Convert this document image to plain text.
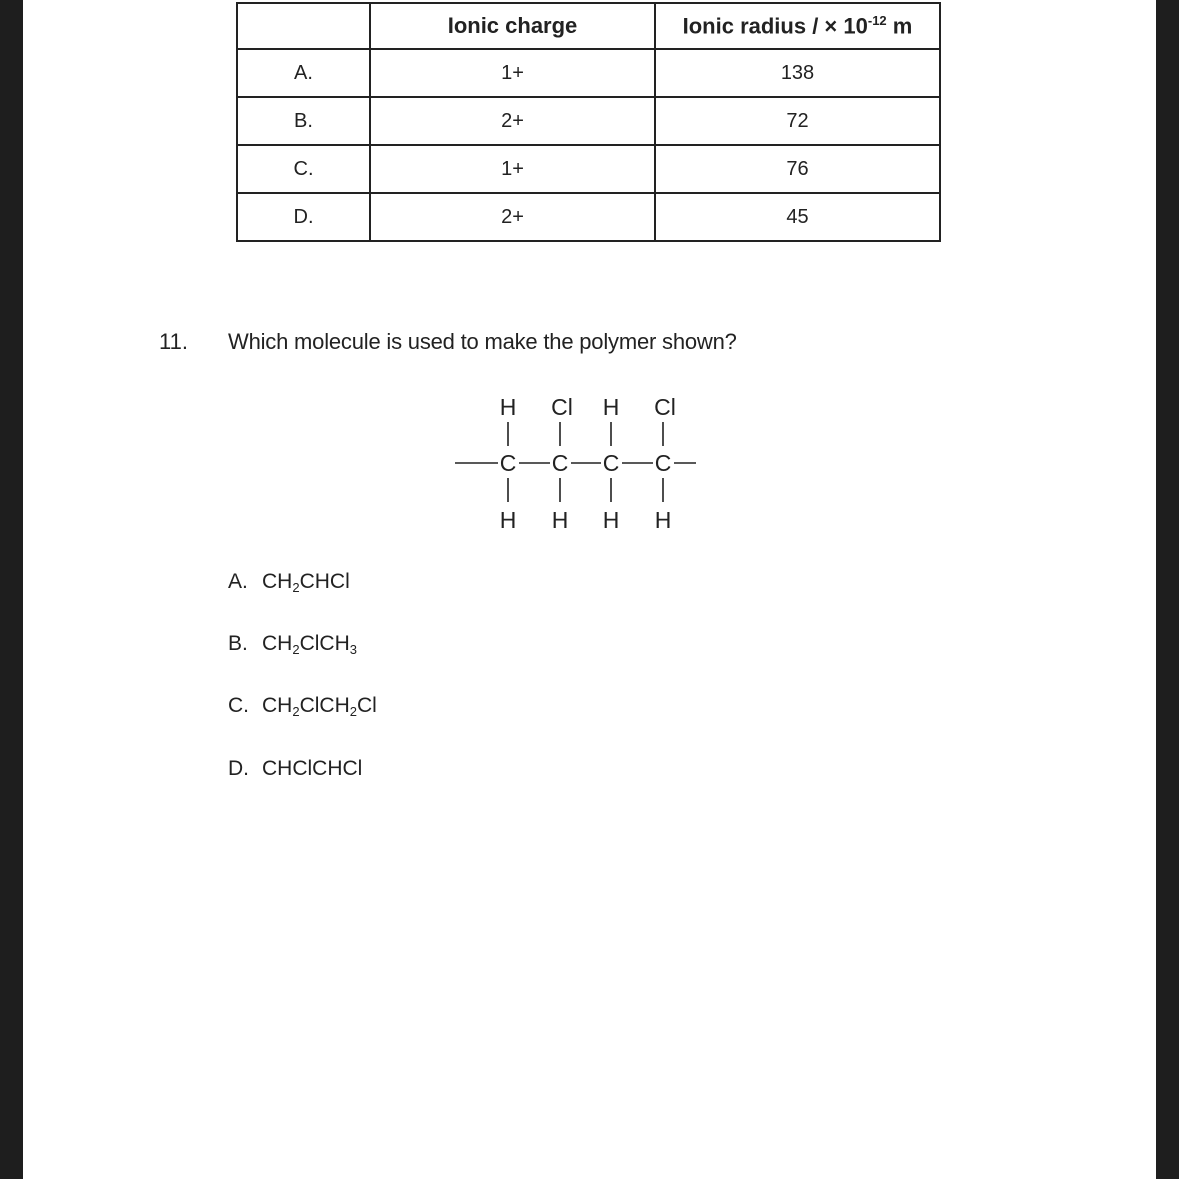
	Ionic charge	Ionic radius / × $10^{-12}$ m
A.	1+	138
B.	2+	72
C.	1+	76
D.	2+	45
11. Which molecule is used to make the polymer shown?
H Cl H Cl
C C C C
H H H H
A. $CH_2CHCl$
B. $CH_2ClCH_3$
C. $CH_2ClCH_2Cl$
D. CHClCHCl
